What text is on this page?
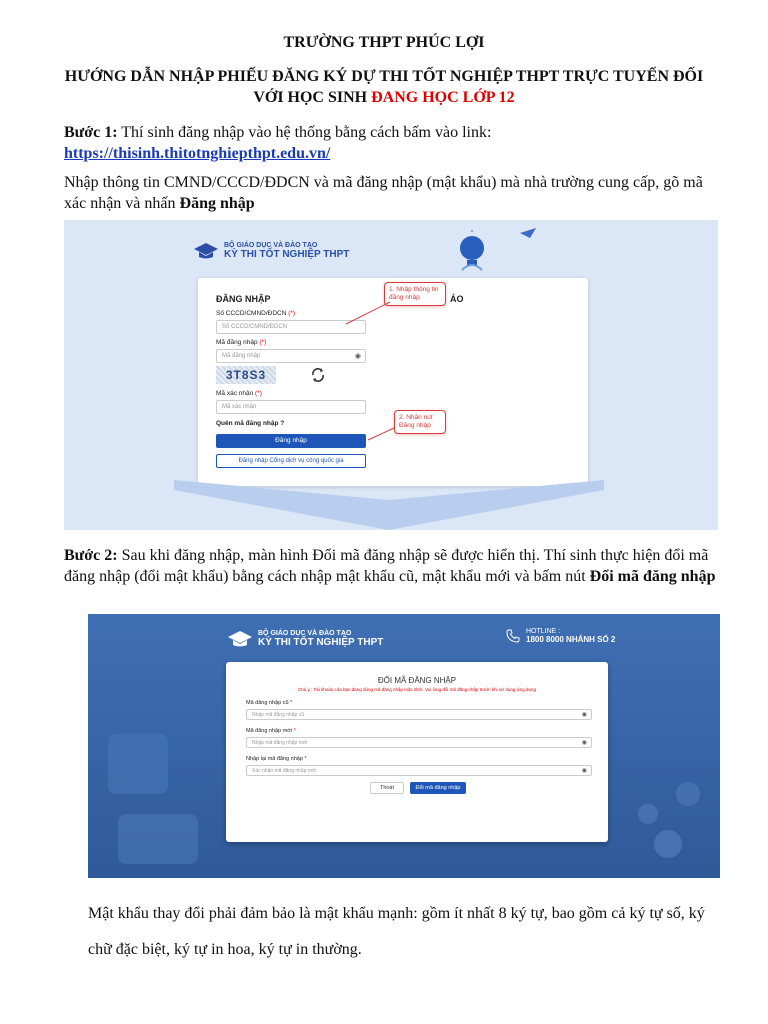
TRƯỜNG THPT PHÚC LỢI
HƯỚNG DẪN NHẬP PHIẾU ĐĂNG KÝ DỰ THI TỐT NGHIỆP THPT TRỰC TUYẾN ĐỐI VỚI HỌC SINH ĐANG HỌC LỚP 12
Bước 1: Thí sinh đăng nhập vào hệ thống bằng cách bấm vào link:
https://thisinh.thitotnghiepthpt.edu.vn/
Nhập thông tin CMND/CCCD/ĐDCN và mã đăng nhập (mật khẩu) mà nhà trường cung cấp, gõ mã xác nhận và nhấn Đăng nhập
BỘ GIÁO DỤC VÀ ĐÀO TẠO
KỲ THI TỐT NGHIỆP THPT
ĐĂNG NHẬP	ÁO
Số CCCD/CMND/ĐDCN (*)
Số CCCD/CMND/ĐDCN
Mã đăng nhập (*)
Mã đăng nhập	◉
3T8S3
Mã xác nhận (*)
Mã xác nhận
Quên mã đăng nhập ?
Đăng nhập
Đăng nhập Cổng dịch vụ công quốc gia
1. Nhập thông tin đăng nhập
2. Nhấn nút Đăng nhập
Bước 2: Sau khi đăng nhập, màn hình Đổi mã đăng nhập sẽ được hiển thị. Thí sinh thực hiện đổi mã đăng nhập (đổi mật khẩu) bằng cách nhập mật khẩu cũ, mật khẩu mới và bấm nút Đổi mã đăng nhập
BỘ GIÁO DỤC VÀ ĐÀO TẠO
KỲ THI TỐT NGHIỆP THPT
HOTLINE :
1800 8000 NHÁNH SỐ 2
ĐỔI MÃ ĐĂNG NHẬP
Chú ý : Tài khoản của bạn đang dùng mã đăng nhập mặc định. Vui lòng đổi mã đăng nhập trước khi sử dụng ứng dụng
Mã đăng nhập cũ *
Nhập mã đăng nhập cũ	◉
Mã đăng nhập mới *
Nhập mã đăng nhập mới	◉
Nhập lại mã đăng nhập *
Xác nhận mã đăng nhập mới	◉
Thoát	Đổi mã đăng nhập
Mật khẩu thay đổi phải đảm bảo là mật khẩu mạnh: gồm ít nhất 8 ký tự, bao gồm cả ký tự số, ký chữ đặc biệt, ký tự in hoa, ký tự in thường.
